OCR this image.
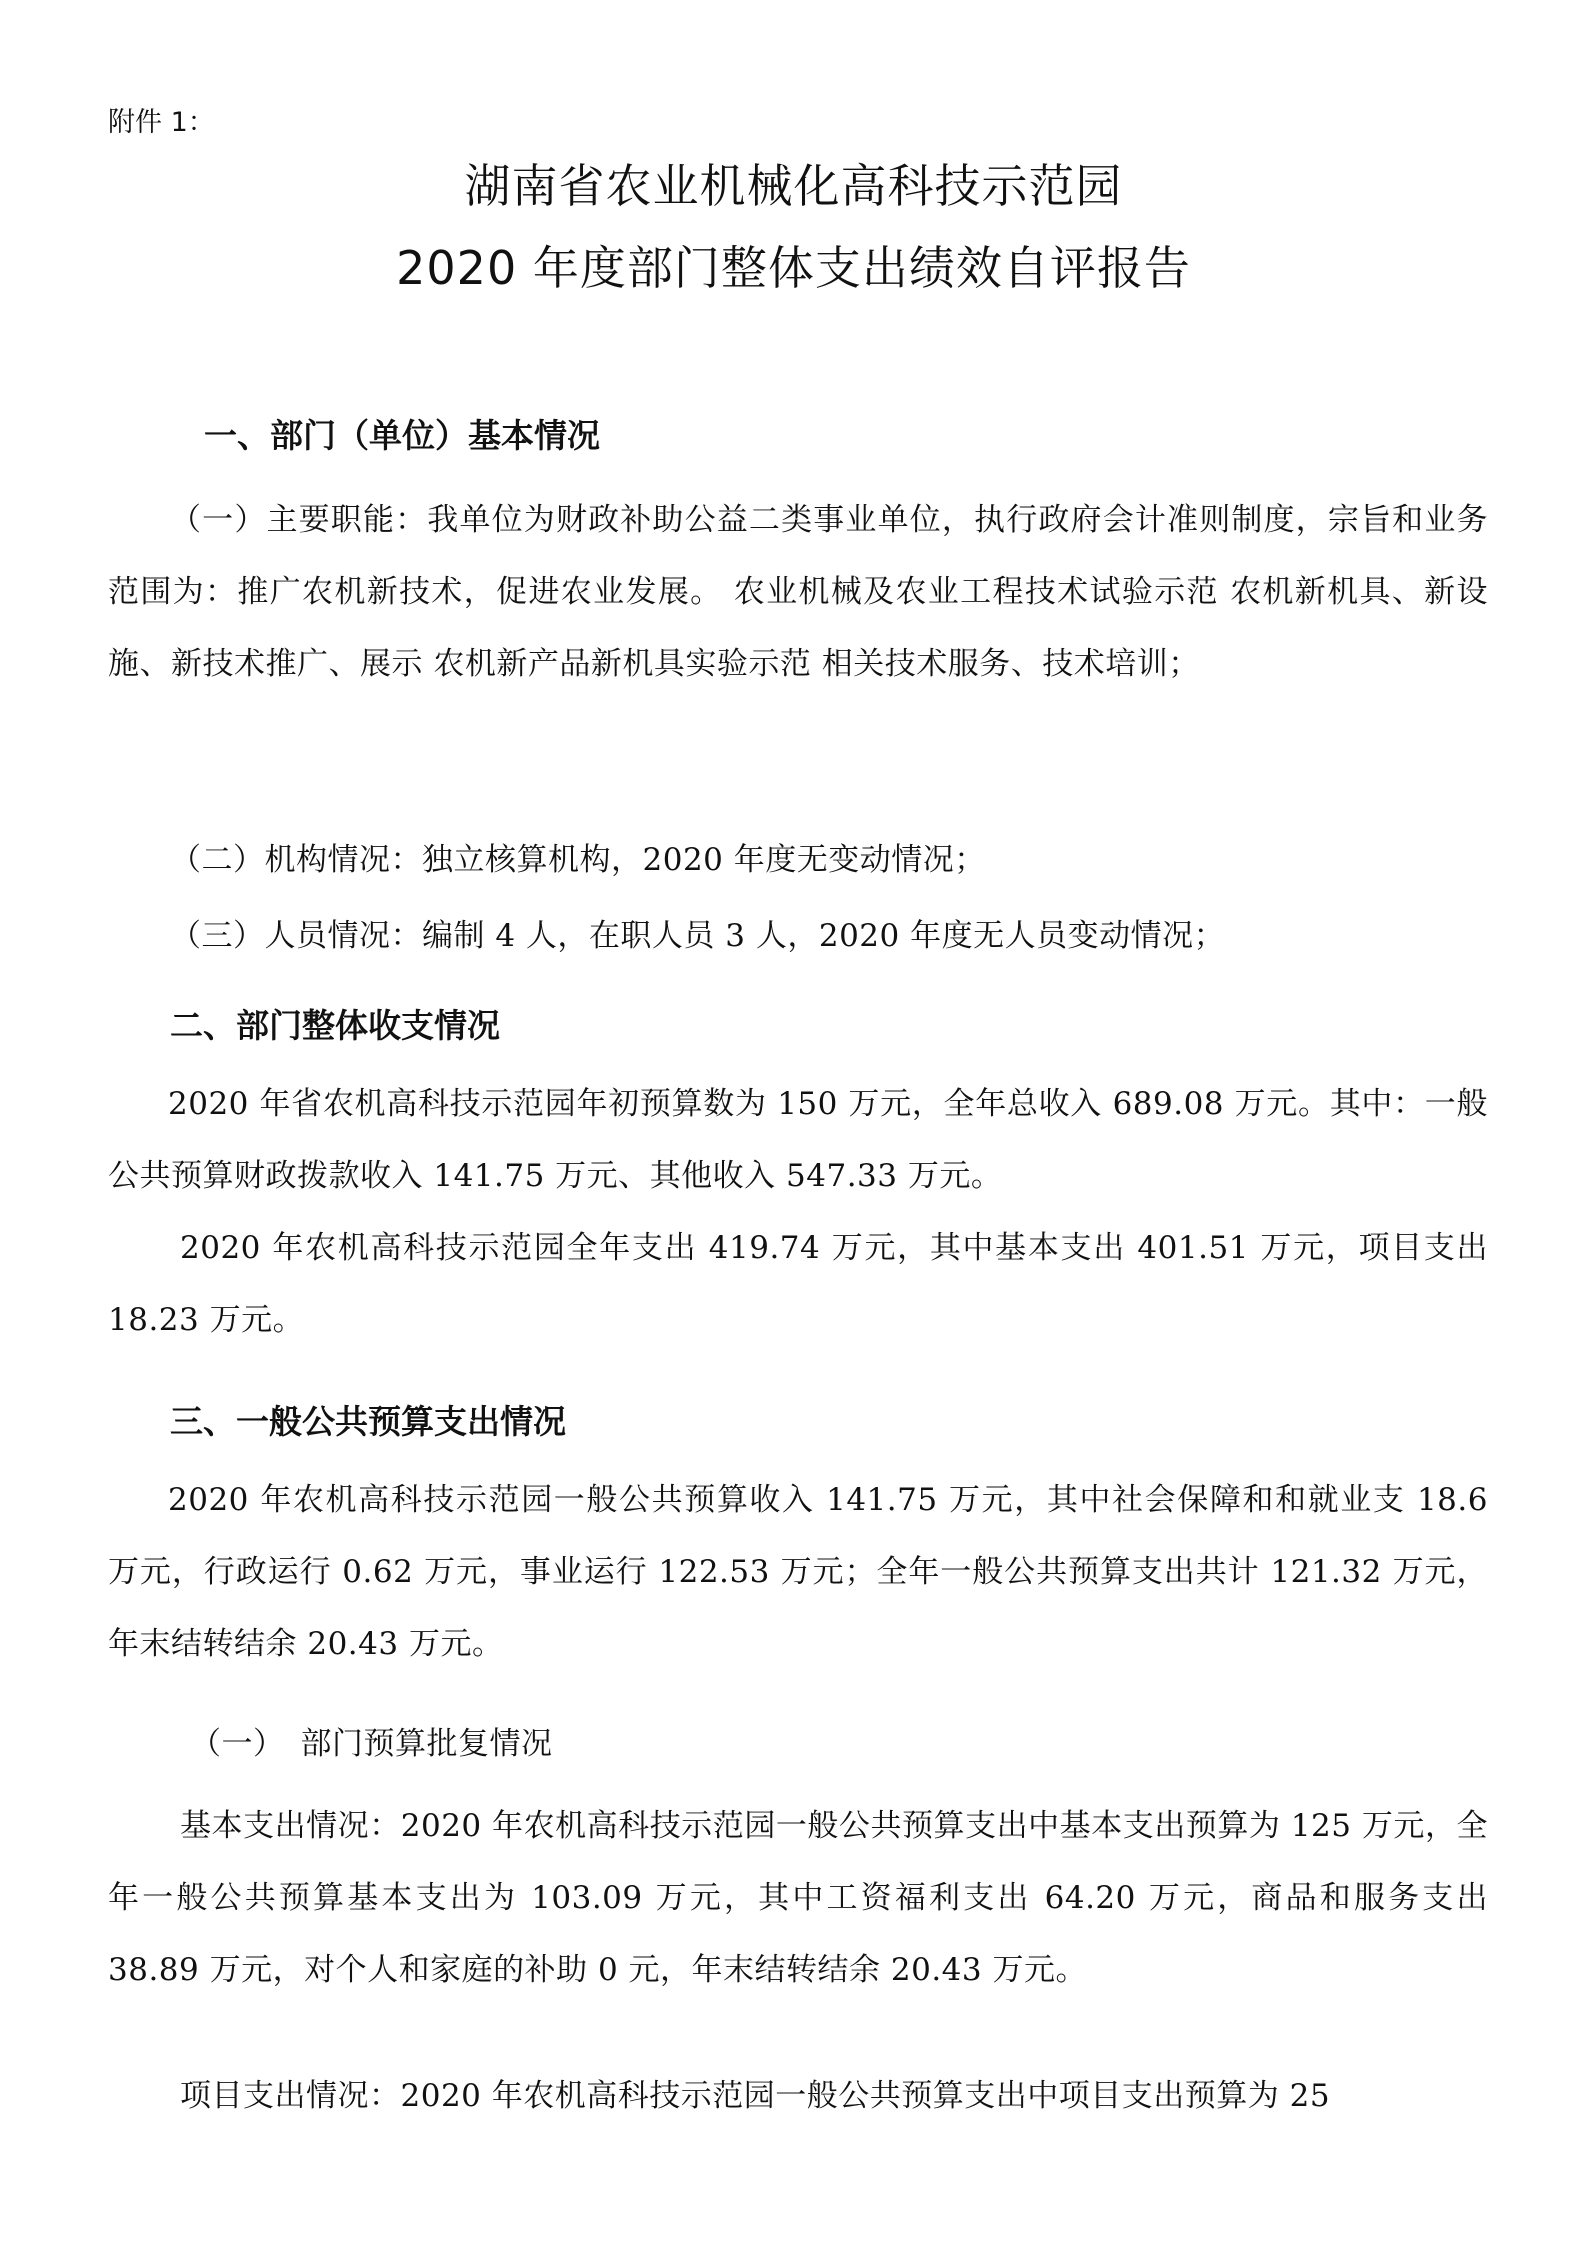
附件 1：
湖南省农业机械化高科技示范园
2020 年度部门整体支出绩效自评报告
一、部门（单位）基本情况
（一）主要职能：我单位为财政补助公益二类事业单位，执行政府会计准则制度，宗旨和业务范围为：推广农机新技术，促进农业发展。 农业机械及农业工程技术试验示范 农机新机具、新设施、新技术推广、展示 农机新产品新机具实验示范 相关技术服务、技术培训；
（二）机构情况：独立核算机构，2020 年度无变动情况；
（三）人员情况：编制 4 人，在职人员 3 人，2020 年度无人员变动情况；
二、部门整体收支情况
2020 年省农机高科技示范园年初预算数为 150 万元，全年总收入 689.08 万元。其中：一般公共预算财政拨款收入 141.75 万元、其他收入 547.33 万元。
2020 年农机高科技示范园全年支出 419.74 万元，其中基本支出 401.51 万元，项目支出 18.23 万元。
三、一般公共预算支出情况
2020 年农机高科技示范园一般公共预算收入 141.75 万元，其中社会保障和和就业支 18.6 万元，行政运行 0.62 万元，事业运行 122.53 万元；全年一般公共预算支出共计 121.32 万元，年末结转结余 20.43 万元。
（一）　部门预算批复情况
基本支出情况：2020 年农机高科技示范园一般公共预算支出中基本支出预算为 125 万元，全年一般公共预算基本支出为 103.09 万元，其中工资福利支出 64.20 万元，商品和服务支出 38.89 万元，对个人和家庭的补助 0 元，年末结转结余 20.43 万元。
项目支出情况：2020 年农机高科技示范园一般公共预算支出中项目支出预算为 25
